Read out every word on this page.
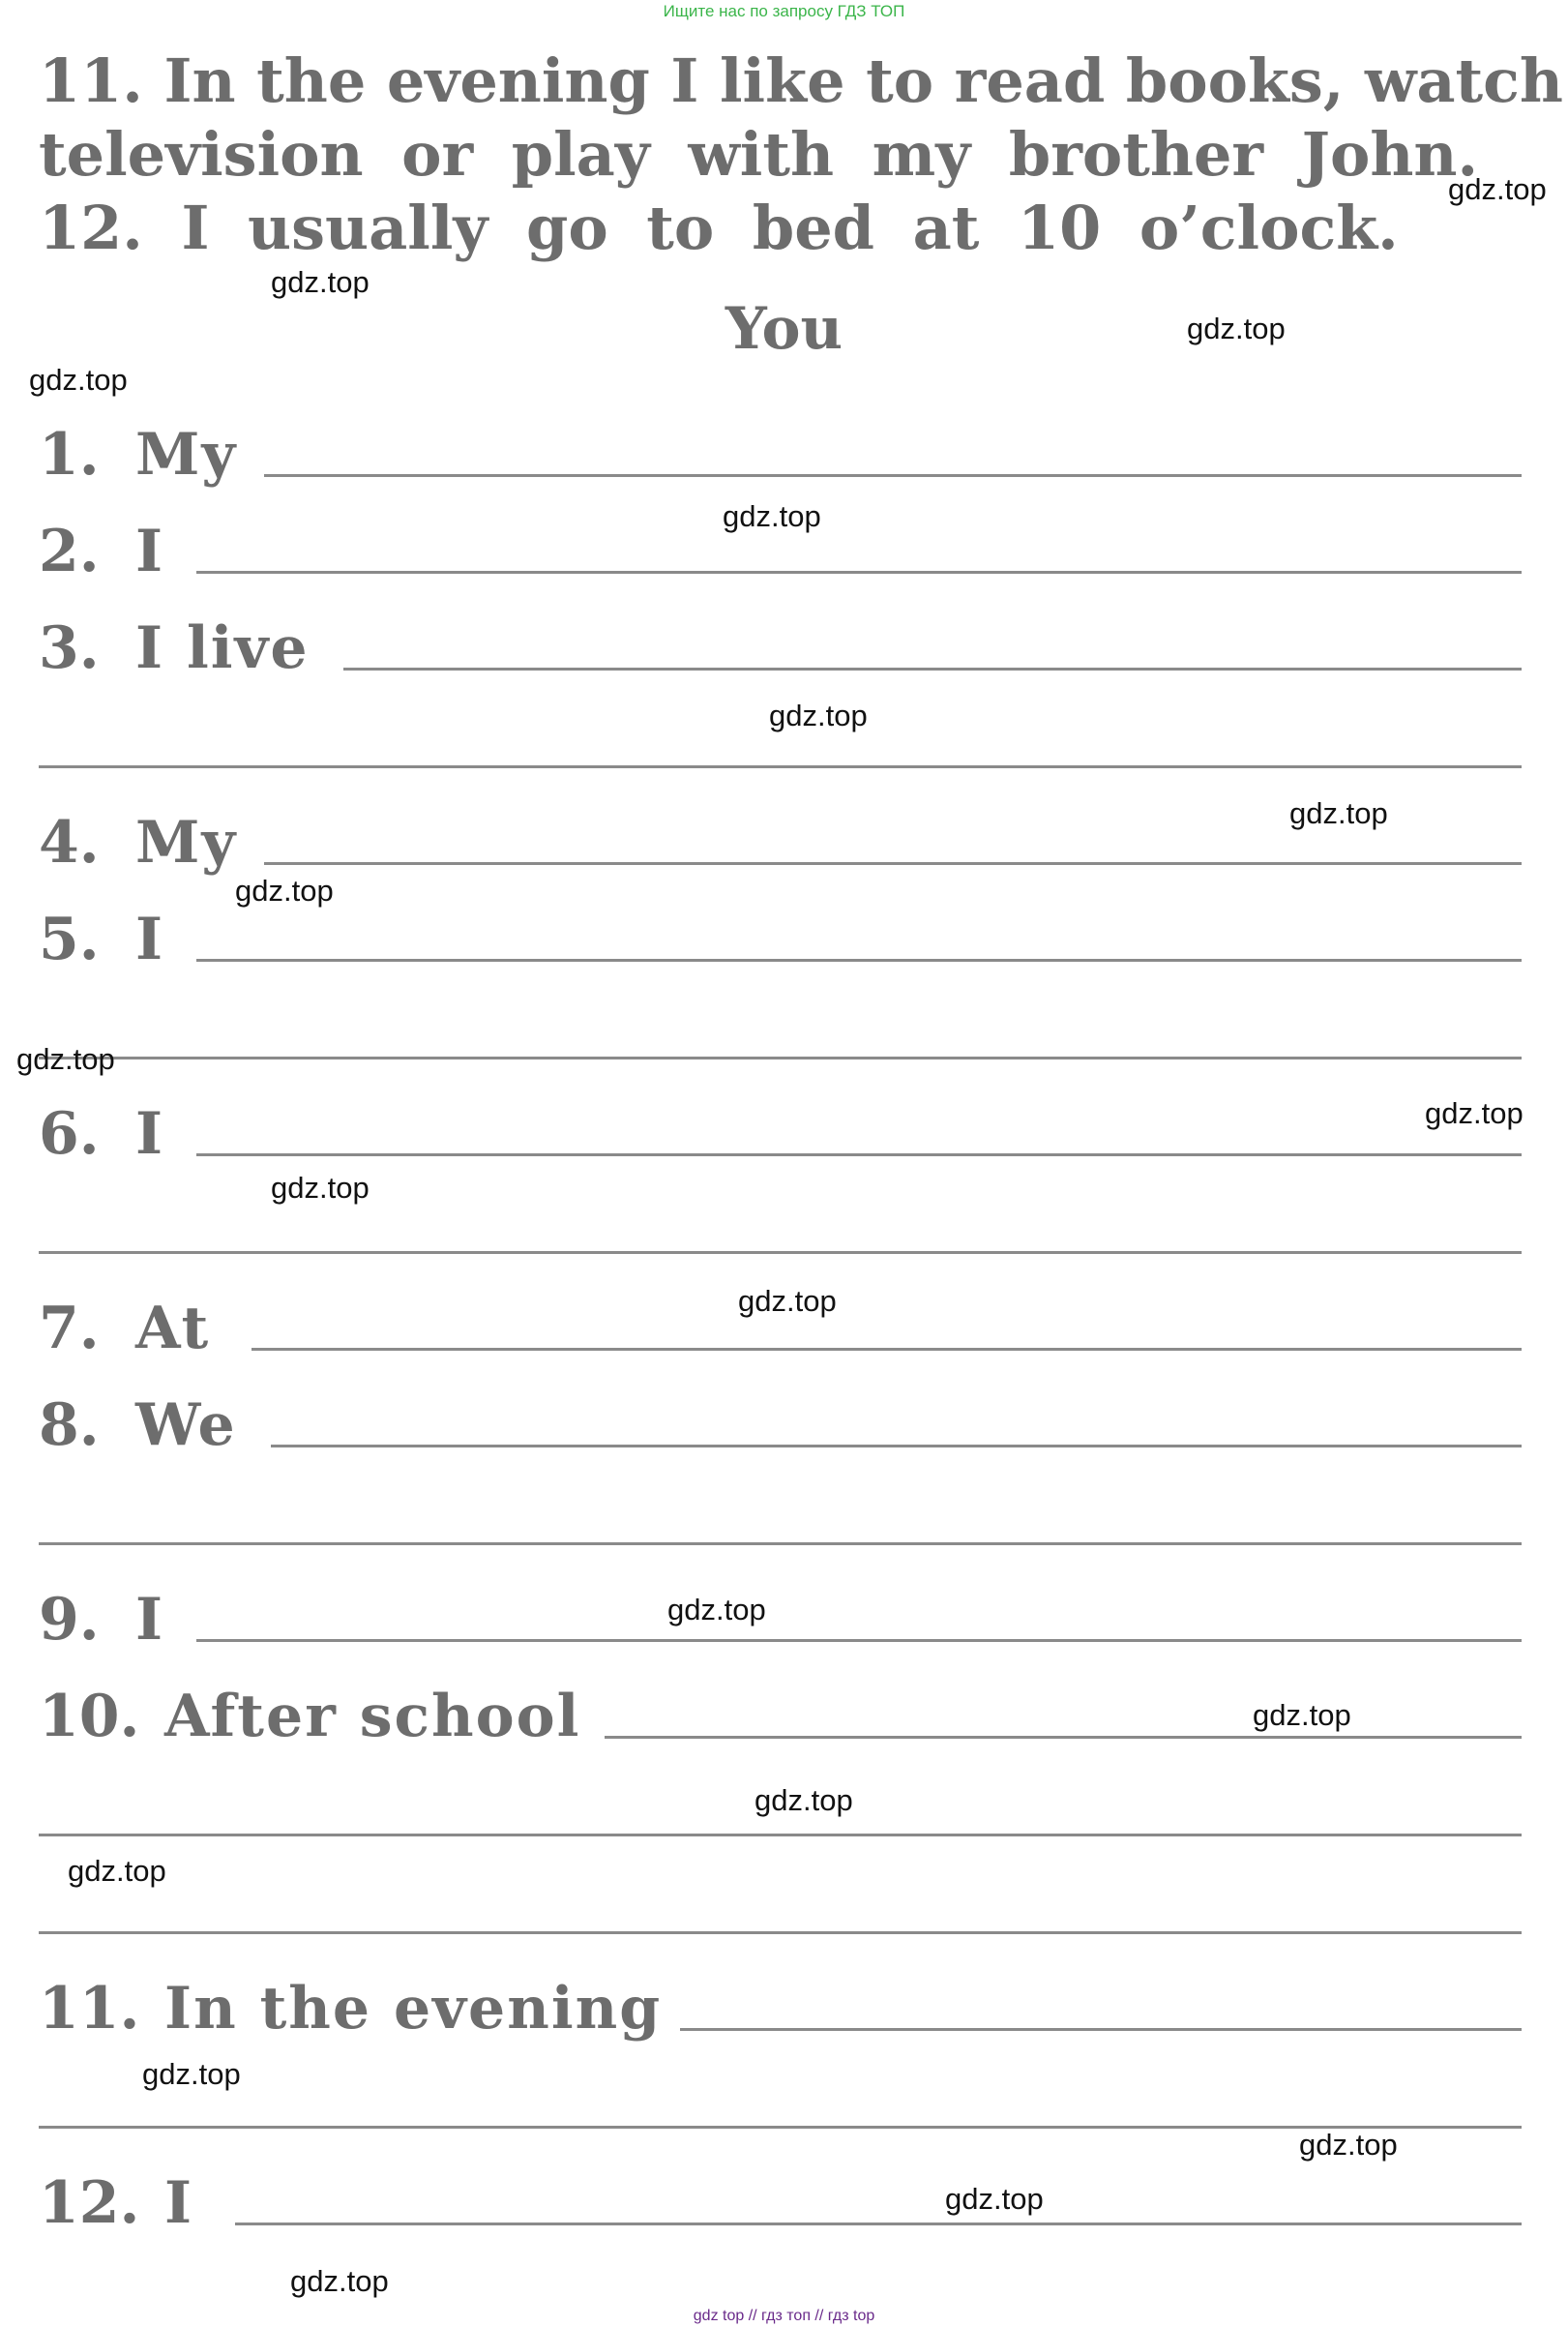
Ищите нас по запросу ГДЗ ТОП

11. In the evening I like to read books, watch

television or play with my brother John.

12. I usually go to bed at 10 o’clock.

You
1. My
2. I
3. I live
4. My
5. I
6. I
7. At
8. We
9. I
10. After school
11. In the evening
12. I
gdz.top
gdz.top
gdz.top
gdz.top
gdz.top
gdz.top
gdz.top
gdz.top
gdz.top
gdz.top
gdz.top
gdz.top
gdz.top
gdz.top
gdz.top
gdz.top
gdz.top
gdz.top
gdz.top
gdz.top
gdz top // гдз топ // гдз top
